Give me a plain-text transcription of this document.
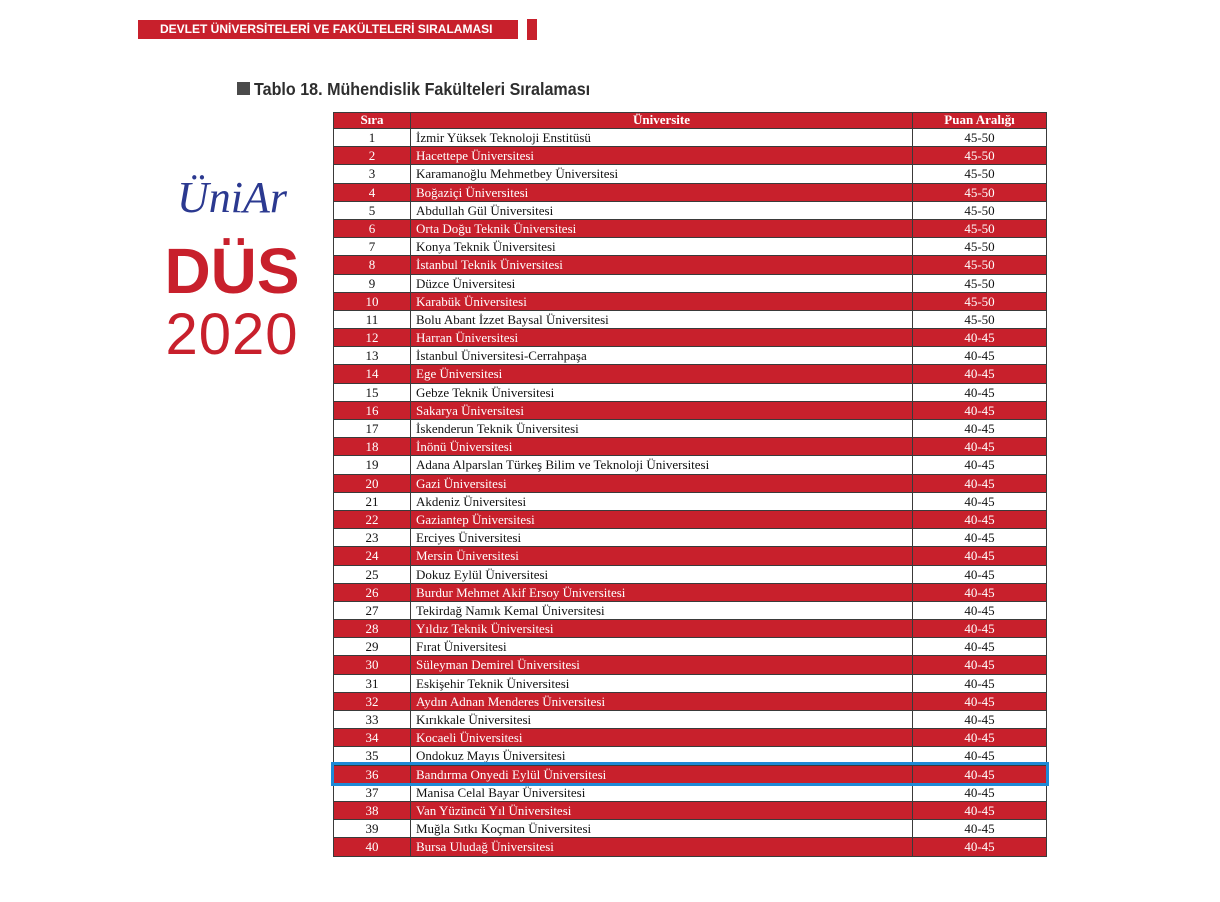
DEVLET ÜNİVERSİTELERİ VE FAKÜLTELERİ SIRALAMASI
Tablo 18. Mühendislik Fakülteleri Sıralaması
ÜniAr
DÜS
2020
Sıra	Üniversite	Puan Aralığı
1	İzmir Yüksek Teknoloji Enstitüsü	45-50
2	Hacettepe Üniversitesi	45-50
3	Karamanoğlu Mehmetbey Üniversitesi	45-50
4	Boğaziçi Üniversitesi	45-50
5	Abdullah Gül Üniversitesi	45-50
6	Orta Doğu Teknik Üniversitesi	45-50
7	Konya Teknik Üniversitesi	45-50
8	İstanbul Teknik Üniversitesi	45-50
9	Düzce Üniversitesi	45-50
10	Karabük Üniversitesi	45-50
11	Bolu Abant İzzet Baysal Üniversitesi	45-50
12	Harran Üniversitesi	40-45
13	İstanbul Üniversitesi-Cerrahpaşa	40-45
14	Ege Üniversitesi	40-45
15	Gebze Teknik Üniversitesi	40-45
16	Sakarya Üniversitesi	40-45
17	İskenderun Teknik Üniversitesi	40-45
18	İnönü Üniversitesi	40-45
19	Adana Alparslan Türkeş Bilim ve Teknoloji Üniversitesi	40-45
20	Gazi Üniversitesi	40-45
21	Akdeniz Üniversitesi	40-45
22	Gaziantep Üniversitesi	40-45
23	Erciyes Üniversitesi	40-45
24	Mersin Üniversitesi	40-45
25	Dokuz Eylül Üniversitesi	40-45
26	Burdur Mehmet Akif Ersoy Üniversitesi	40-45
27	Tekirdağ Namık Kemal Üniversitesi	40-45
28	Yıldız Teknik Üniversitesi	40-45
29	Fırat Üniversitesi	40-45
30	Süleyman Demirel Üniversitesi	40-45
31	Eskişehir Teknik Üniversitesi	40-45
32	Aydın Adnan Menderes Üniversitesi	40-45
33	Kırıkkale Üniversitesi	40-45
34	Kocaeli Üniversitesi	40-45
35	Ondokuz Mayıs Üniversitesi	40-45
36	Bandırma Onyedi Eylül Üniversitesi	40-45
37	Manisa Celal Bayar Üniversitesi	40-45
38	Van Yüzüncü Yıl Üniversitesi	40-45
39	Muğla Sıtkı Koçman Üniversitesi	40-45
40	Bursa Uludağ Üniversitesi	40-45
